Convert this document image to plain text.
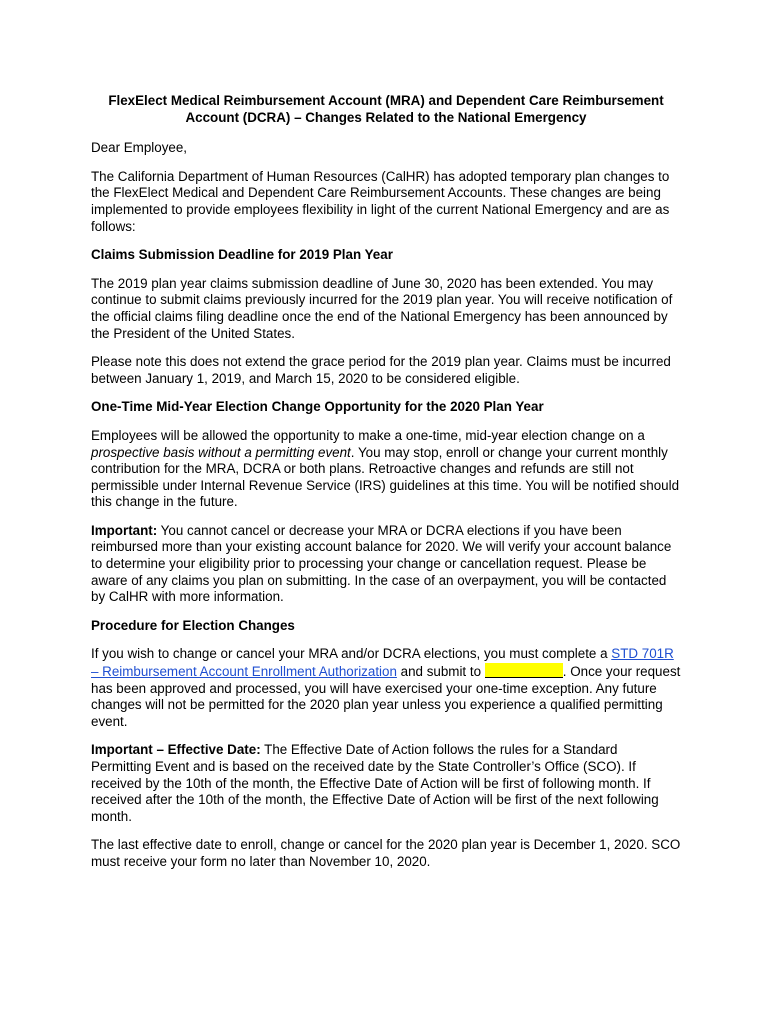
FlexElect Medical Reimbursement Account (MRA) and Dependent Care Reimbursement Account (DCRA) – Changes Related to the National Emergency

Dear Employee,

The California Department of Human Resources (CalHR) has adopted temporary plan changes to the FlexElect Medical and Dependent Care Reimbursement Accounts. These changes are being implemented to provide employees flexibility in light of the current National Emergency and are as follows:

Claims Submission Deadline for 2019 Plan Year

The 2019 plan year claims submission deadline of June 30, 2020 has been extended. You may continue to submit claims previously incurred for the 2019 plan year. You will receive notification of the official claims filing deadline once the end of the National Emergency has been announced by the President of the United States.

Please note this does not extend the grace period for the 2019 plan year. Claims must be incurred between January 1, 2019, and March 15, 2020 to be considered eligible.

One-Time Mid-Year Election Change Opportunity for the 2020 Plan Year

Employees will be allowed the opportunity to make a one-time, mid-year election change on a prospective basis without a permitting event. You may stop, enroll or change your current monthly contribution for the MRA, DCRA or both plans. Retroactive changes and refunds are still not permissible under Internal Revenue Service (IRS) guidelines at this time. You will be notified should this change in the future.

Important: You cannot cancel or decrease your MRA or DCRA elections if you have been reimbursed more than your existing account balance for 2020. We will verify your account balance to determine your eligibility prior to processing your change or cancellation request. Please be aware of any claims you plan on submitting. In the case of an overpayment, you will be contacted by CalHR with more information.

Procedure for Election Changes

If you wish to change or cancel your MRA and/or DCRA elections, you must complete a STD 701R – Reimbursement Account Enrollment Authorization and submit to	. Once your request has been approved and processed, you will have exercised your one-time exception. Any future changes will not be permitted for the 2020 plan year unless you experience a qualified permitting event.

Important – Effective Date: The Effective Date of Action follows the rules for a Standard Permitting Event and is based on the received date by the State Controller’s Office (SCO). If received by the 10th of the month, the Effective Date of Action will be first of following month. If received after the 10th of the month, the Effective Date of Action will be first of the next following month.

The last effective date to enroll, change or cancel for the 2020 plan year is December 1, 2020. SCO must receive your form no later than November 10, 2020.
